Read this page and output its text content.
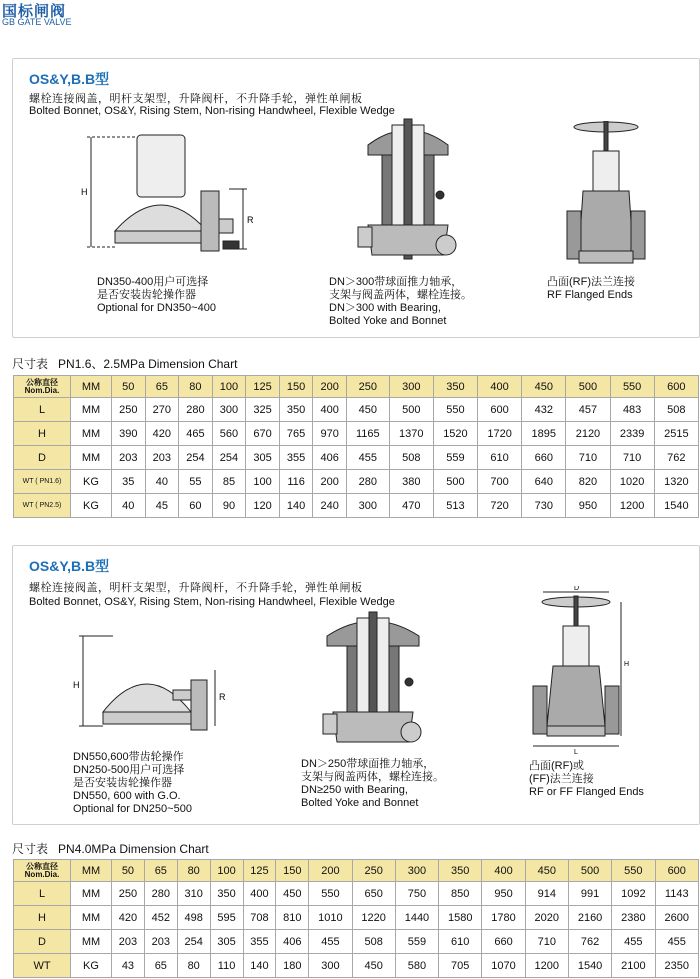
国标闸阀
GB GATE VALVE
OS&Y,B.B型
螺栓连接阀盖，明杆支架型，升降阀杆，不升降手轮，弹性单闸板
Bolted Bonnet, OS&Y, Rising Stem, Non-rising Handwheel, Flexible Wedge
H
R
DN350-400用户可选择
是否安装齿轮操作器
Optional for DN350~400
DN＞300带球面推力轴承，
支架与阀盖两体，螺栓连接。
DN＞300 with Bearing,
Bolted Yoke and Bonnet
凸面(RF)法兰连接
RF Flanged Ends
尺寸表 PN1.6、2.5MPa Dimension Chart
公称直径
Nom.Dia.	MM	50	65	80	100	125	150	200	250	300	350	400	450	500	550	600
L	MM	250	270	280	300	325	350	400	450	500	550	600	432	457	483	508
H	MM	390	420	465	560	670	765	970	1165	1370	1520	1720	1895	2120	2339	2515
D	MM	203	203	254	254	305	355	406	455	508	559	610	660	710	710	762
WT ( PN1.6)	KG	35	40	55	85	100	116	200	280	380	500	700	640	820	1020	1320
WT ( PN2.5)	KG	40	45	60	90	120	140	240	300	470	513	720	730	950	1200	1540
OS&Y,B.B型
螺栓连接阀盖，明杆支架型，升降阀杆，不升降手轮，弹性单闸板
Bolted Bonnet, OS&Y, Rising Stem, Non-rising Handwheel, Flexible Wedge
H
R
D
H
L
DN550,600带齿轮操作
DN250-500用户可选择
是否安装齿轮操作器
DN550, 600 with G.O.
Optional for DN250~500
DN＞250带球面推力轴承，
支架与阀盖两体，螺栓连接。
DN≥250 with Bearing,
Bolted Yoke and Bonnet
凸面(RF)或
(FF)法兰连接
RF or FF Flanged Ends
尺寸表 PN4.0MPa Dimension Chart
公称直径
Nom.Dia.	MM	50	65	80	100	125	150	200	250	300	350	400	450	500	550	600
L	MM	250	280	310	350	400	450	550	650	750	850	950	914	991	1092	1143
H	MM	420	452	498	595	708	810	1010	1220	1440	1580	1780	2020	2160	2380	2600
D	MM	203	203	254	305	355	406	455	508	559	610	660	710	762	455	455
WT	KG	43	65	80	110	140	180	300	450	580	705	1070	1200	1540	2100	2350
